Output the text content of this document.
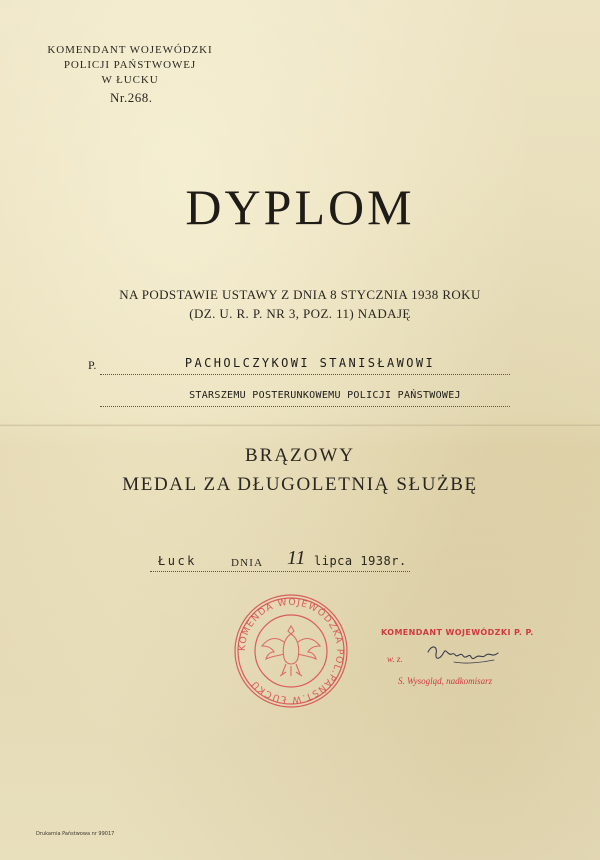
KOMENDANT WOJEWÓDZKI
POLICJI PAŃSTWOWEJ
W ŁUCKU
Nr.268.
DYPLOM
NA PODSTAWIE USTAWY Z DNIA 8 STYCZNIA 1938 ROKU
(DZ. U. R. P. NR 3, POZ. 11) NADAJĘ
P.	PACHOLCZYKOWI STANISŁAWOWI
STARSZEMU POSTERUNKOWEMU POLICJI PAŃSTWOWEJ
BRĄZOWY
MEDAL ZA DŁUGOLETNIĄ SŁUŻBĘ
Łuck	DNIA 11 lipca 1938r.
KOMENDA WOJEWÓDZKA POL.PAŃST.W ŁUCKU
KOMENDANT WOJEWÓDZKI P. P.
w. z.
S. Wysogląd, nadkomisarz
Drukarnia Państwowa nr 99017
